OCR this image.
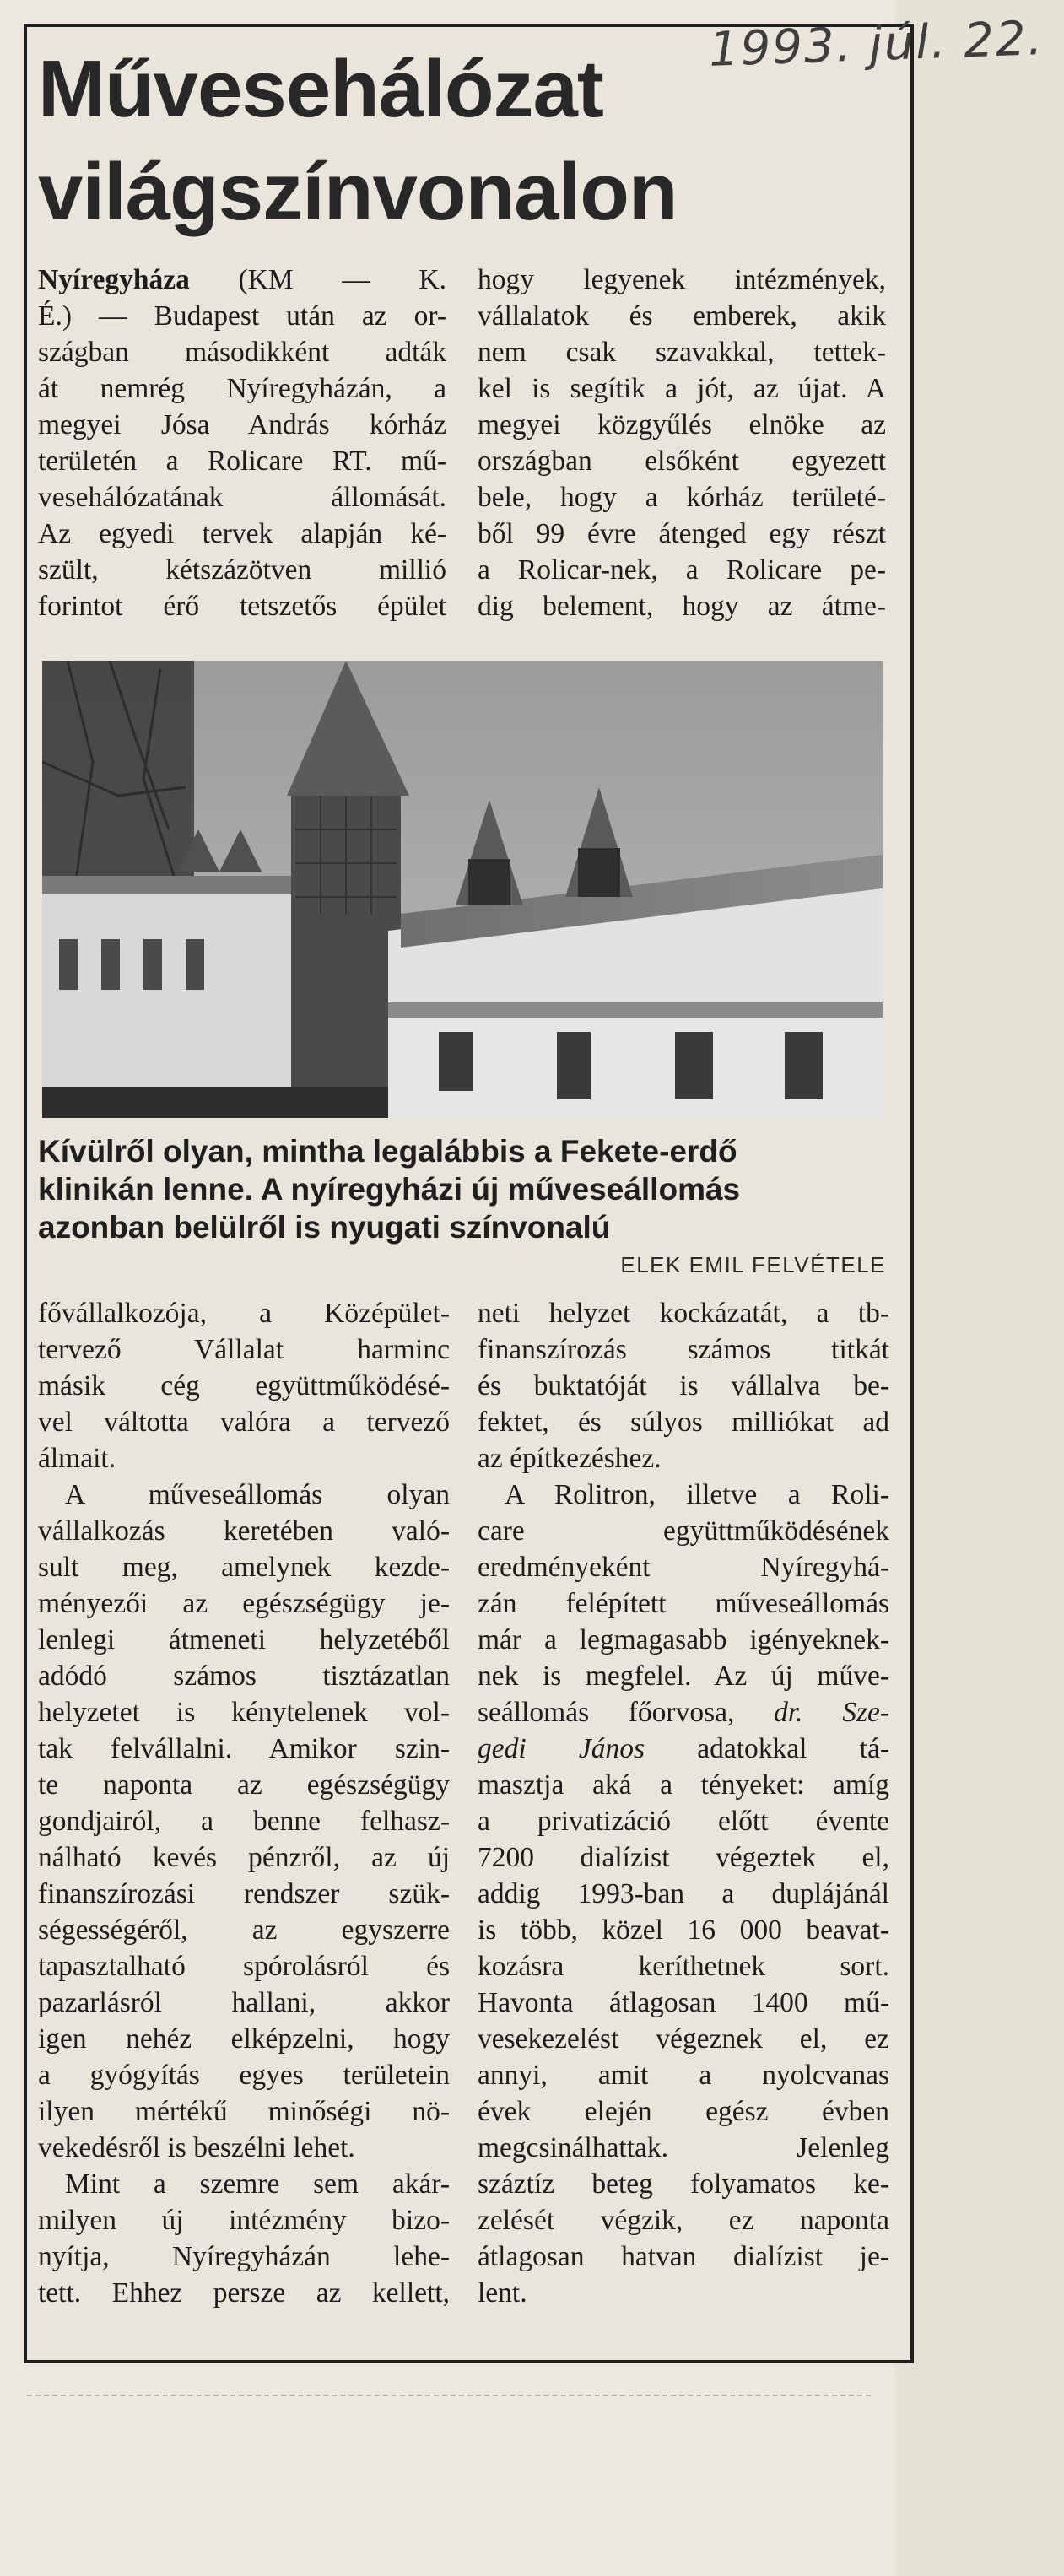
1993. júl. 22.
Művesehálózat
világszínvonalon
Nyíregyháza (KM — K.
É.) — Budapest után az or-
szágban másodikként adták
át nemrég Nyíregyházán, a
megyei Jósa András kórház
területén a Rolicare RT. mű-
vesehálózatának állomását.
Az egyedi tervek alapján ké-
szült, kétszázötven millió
forintot érő tetszetős épület
hogy legyenek intézmények,
vállalatok és emberek, akik
nem csak szavakkal, tettek-
kel is segítik a jót, az újat. A
megyei közgyűlés elnöke az
országban elsőként egyezett
bele, hogy a kórház területé-
ből 99 évre átenged egy részt
a Rolicar-nek, a Rolicare pe-
dig belement, hogy az átme-
Kívülről olyan, mintha legalábbis a Fekete-erdő
klinikán lenne. A nyíregyházi új műveseállomás
azonban belülről is nyugati színvonalú
ELEK EMIL FELVÉTELE
fővállalkozója, a Középület-
tervező Vállalat harminc
másik cég együttműködésé-
vel váltotta valóra a tervező
álmait.
A műveseállomás olyan
vállalkozás keretében való-
sult meg, amelynek kezde-
ményezői az egészségügy je-
lenlegi átmeneti helyzetéből
adódó számos tisztázatlan
helyzetet is kénytelenek vol-
tak felvállalni. Amikor szin-
te naponta az egészségügy
gondjairól, a benne felhasz-
nálható kevés pénzről, az új
finanszírozási rendszer szük-
ségességéről, az egyszerre
tapasztalható spórolásról és
pazarlásról hallani, akkor
igen nehéz elképzelni, hogy
a gyógyítás egyes területein
ilyen mértékű minőségi nö-
vekedésről is beszélni lehet.
Mint a szemre sem akár-
milyen új intézmény bizo-
nyítja, Nyíregyházán lehe-
tett. Ehhez persze az kellett,
neti helyzet kockázatát, a tb-
finanszírozás számos titkát
és buktatóját is vállalva be-
fektet, és súlyos milliókat ad
az építkezéshez.
A Rolitron, illetve a Roli-
care együttműködésének
eredményeként Nyíregyhá-
zán felépített műveseállomás
már a legmagasabb igényeknek-
nek is megfelel. Az új műve-
seállomás főorvosa, dr. Sze-
gedi János adatokkal tá-
masztja aká a tényeket: amíg
a privatizáció előtt évente
7200 dialízist végeztek el,
addig 1993-ban a duplájánál
is több, közel 16 000 beavat-
kozásra keríthetnek sort.
Havonta átlagosan 1400 mű-
vesekezelést végeznek el, ez
annyi, amit a nyolcvanas
évek elején egész évben
megcsinálhattak. Jelenleg
száztíz beteg folyamatos ke-
zelését végzik, ez naponta
átlagosan hatvan dialízist je-
lent.
